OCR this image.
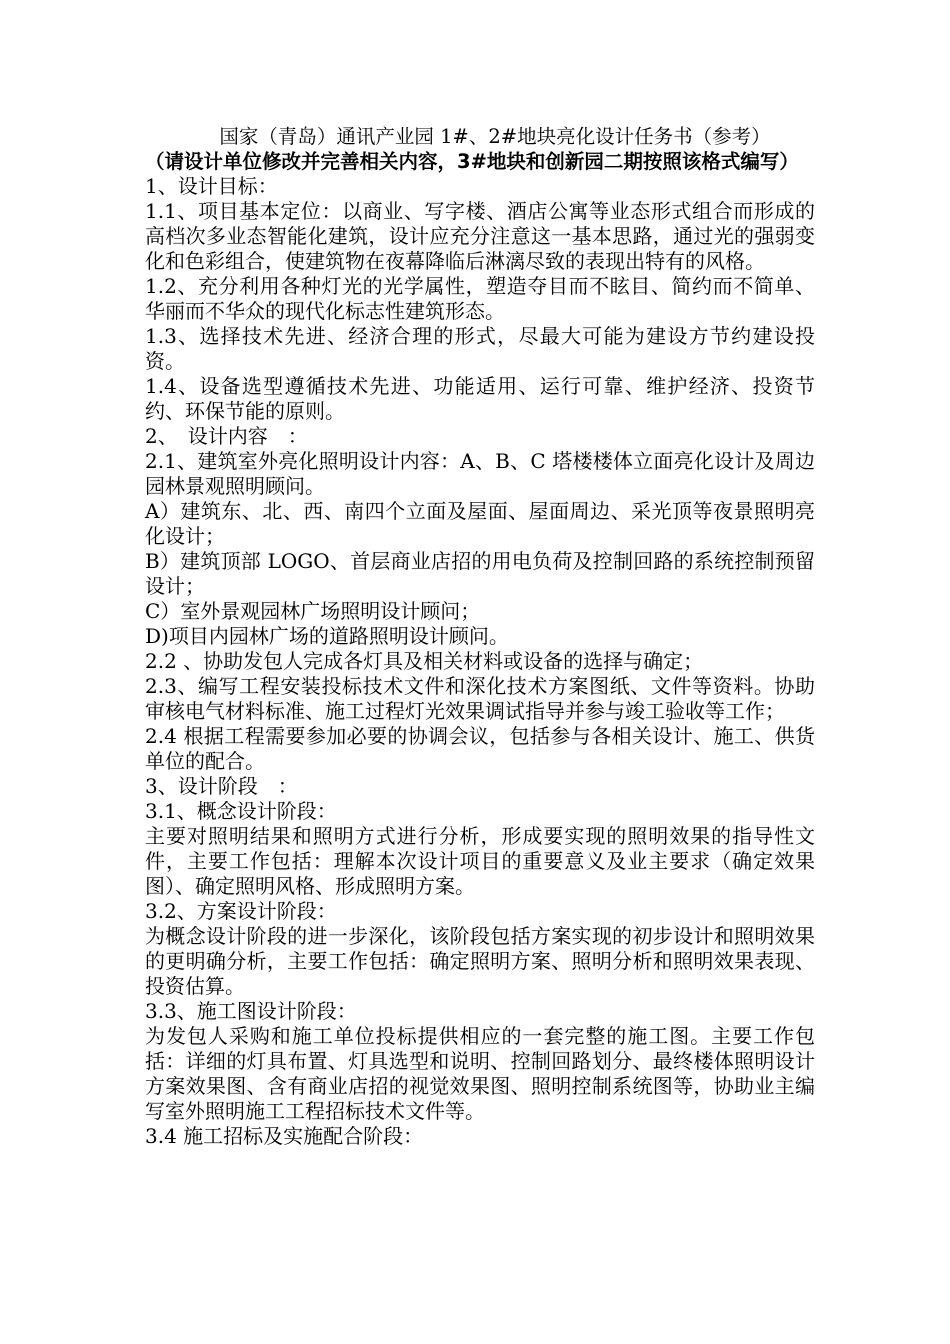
国家（青岛）通讯产业园 1#、2#地块亮化设计任务书（参考）

（请设计单位修改并完善相关内容，3#地块和创新园二期按照该格式编写）

1、设计目标：

1.1、项目基本定位：以商业、写字楼、酒店公寓等业态形式组合而形成的高档次多业态智能化建筑，设计应充分注意这一基本思路，通过光的强弱变化和色彩组合，使建筑物在夜幕降临后淋漓尽致的表现出特有的风格。

1.2、充分利用各种灯光的光学属性，塑造夺目而不眩目、简约而不简单、华丽而不华众的现代化标志性建筑形态。

1.3、选择技术先进、经济合理的形式，尽最大可能为建设方节约建设投资。

1.4、设备选型遵循技术先进、功能适用、运行可靠、维护经济、投资节约、环保节能的原则。

2、　设计内容　：

2.1、建筑室外亮化照明设计内容：A、B、C 塔楼楼体立面亮化设计及周边园林景观照明顾问。

A）建筑东、北、西、南四个立面及屋面、屋面周边、采光顶等夜景照明亮化设计；

B）建筑顶部 LOGO、首层商业店招的用电负荷及控制回路的系统控制预留设计；

C）室外景观园林广场照明设计顾问；

D)项目内园林广场的道路照明设计顾问。

2.2 、协助发包人完成各灯具及相关材料或设备的选择与确定；

2.3、编写工程安装投标技术文件和深化技术方案图纸、文件等资料。协助审核电气材料标准、施工过程灯光效果调试指导并参与竣工验收等工作；

2.4 根据工程需要参加必要的协调会议，包括参与各相关设计、施工、供货单位的配合。

3、设计阶段　：

3.1、概念设计阶段：

主要对照明结果和照明方式进行分析，形成要实现的照明效果的指导性文件，主要工作包括：理解本次设计项目的重要意义及业主要求（确定效果图）、确定照明风格、形成照明方案。

3.2、方案设计阶段：

为概念设计阶段的进一步深化，该阶段包括方案实现的初步设计和照明效果的更明确分析，主要工作包括：确定照明方案、照明分析和照明效果表现、投资估算。

3.3、施工图设计阶段：

为发包人采购和施工单位投标提供相应的一套完整的施工图。主要工作包括：详细的灯具布置、灯具选型和说明、控制回路划分、最终楼体照明设计方案效果图、含有商业店招的视觉效果图、照明控制系统图等，协助业主编写室外照明施工工程招标技术文件等。

3.4 施工招标及实施配合阶段：
